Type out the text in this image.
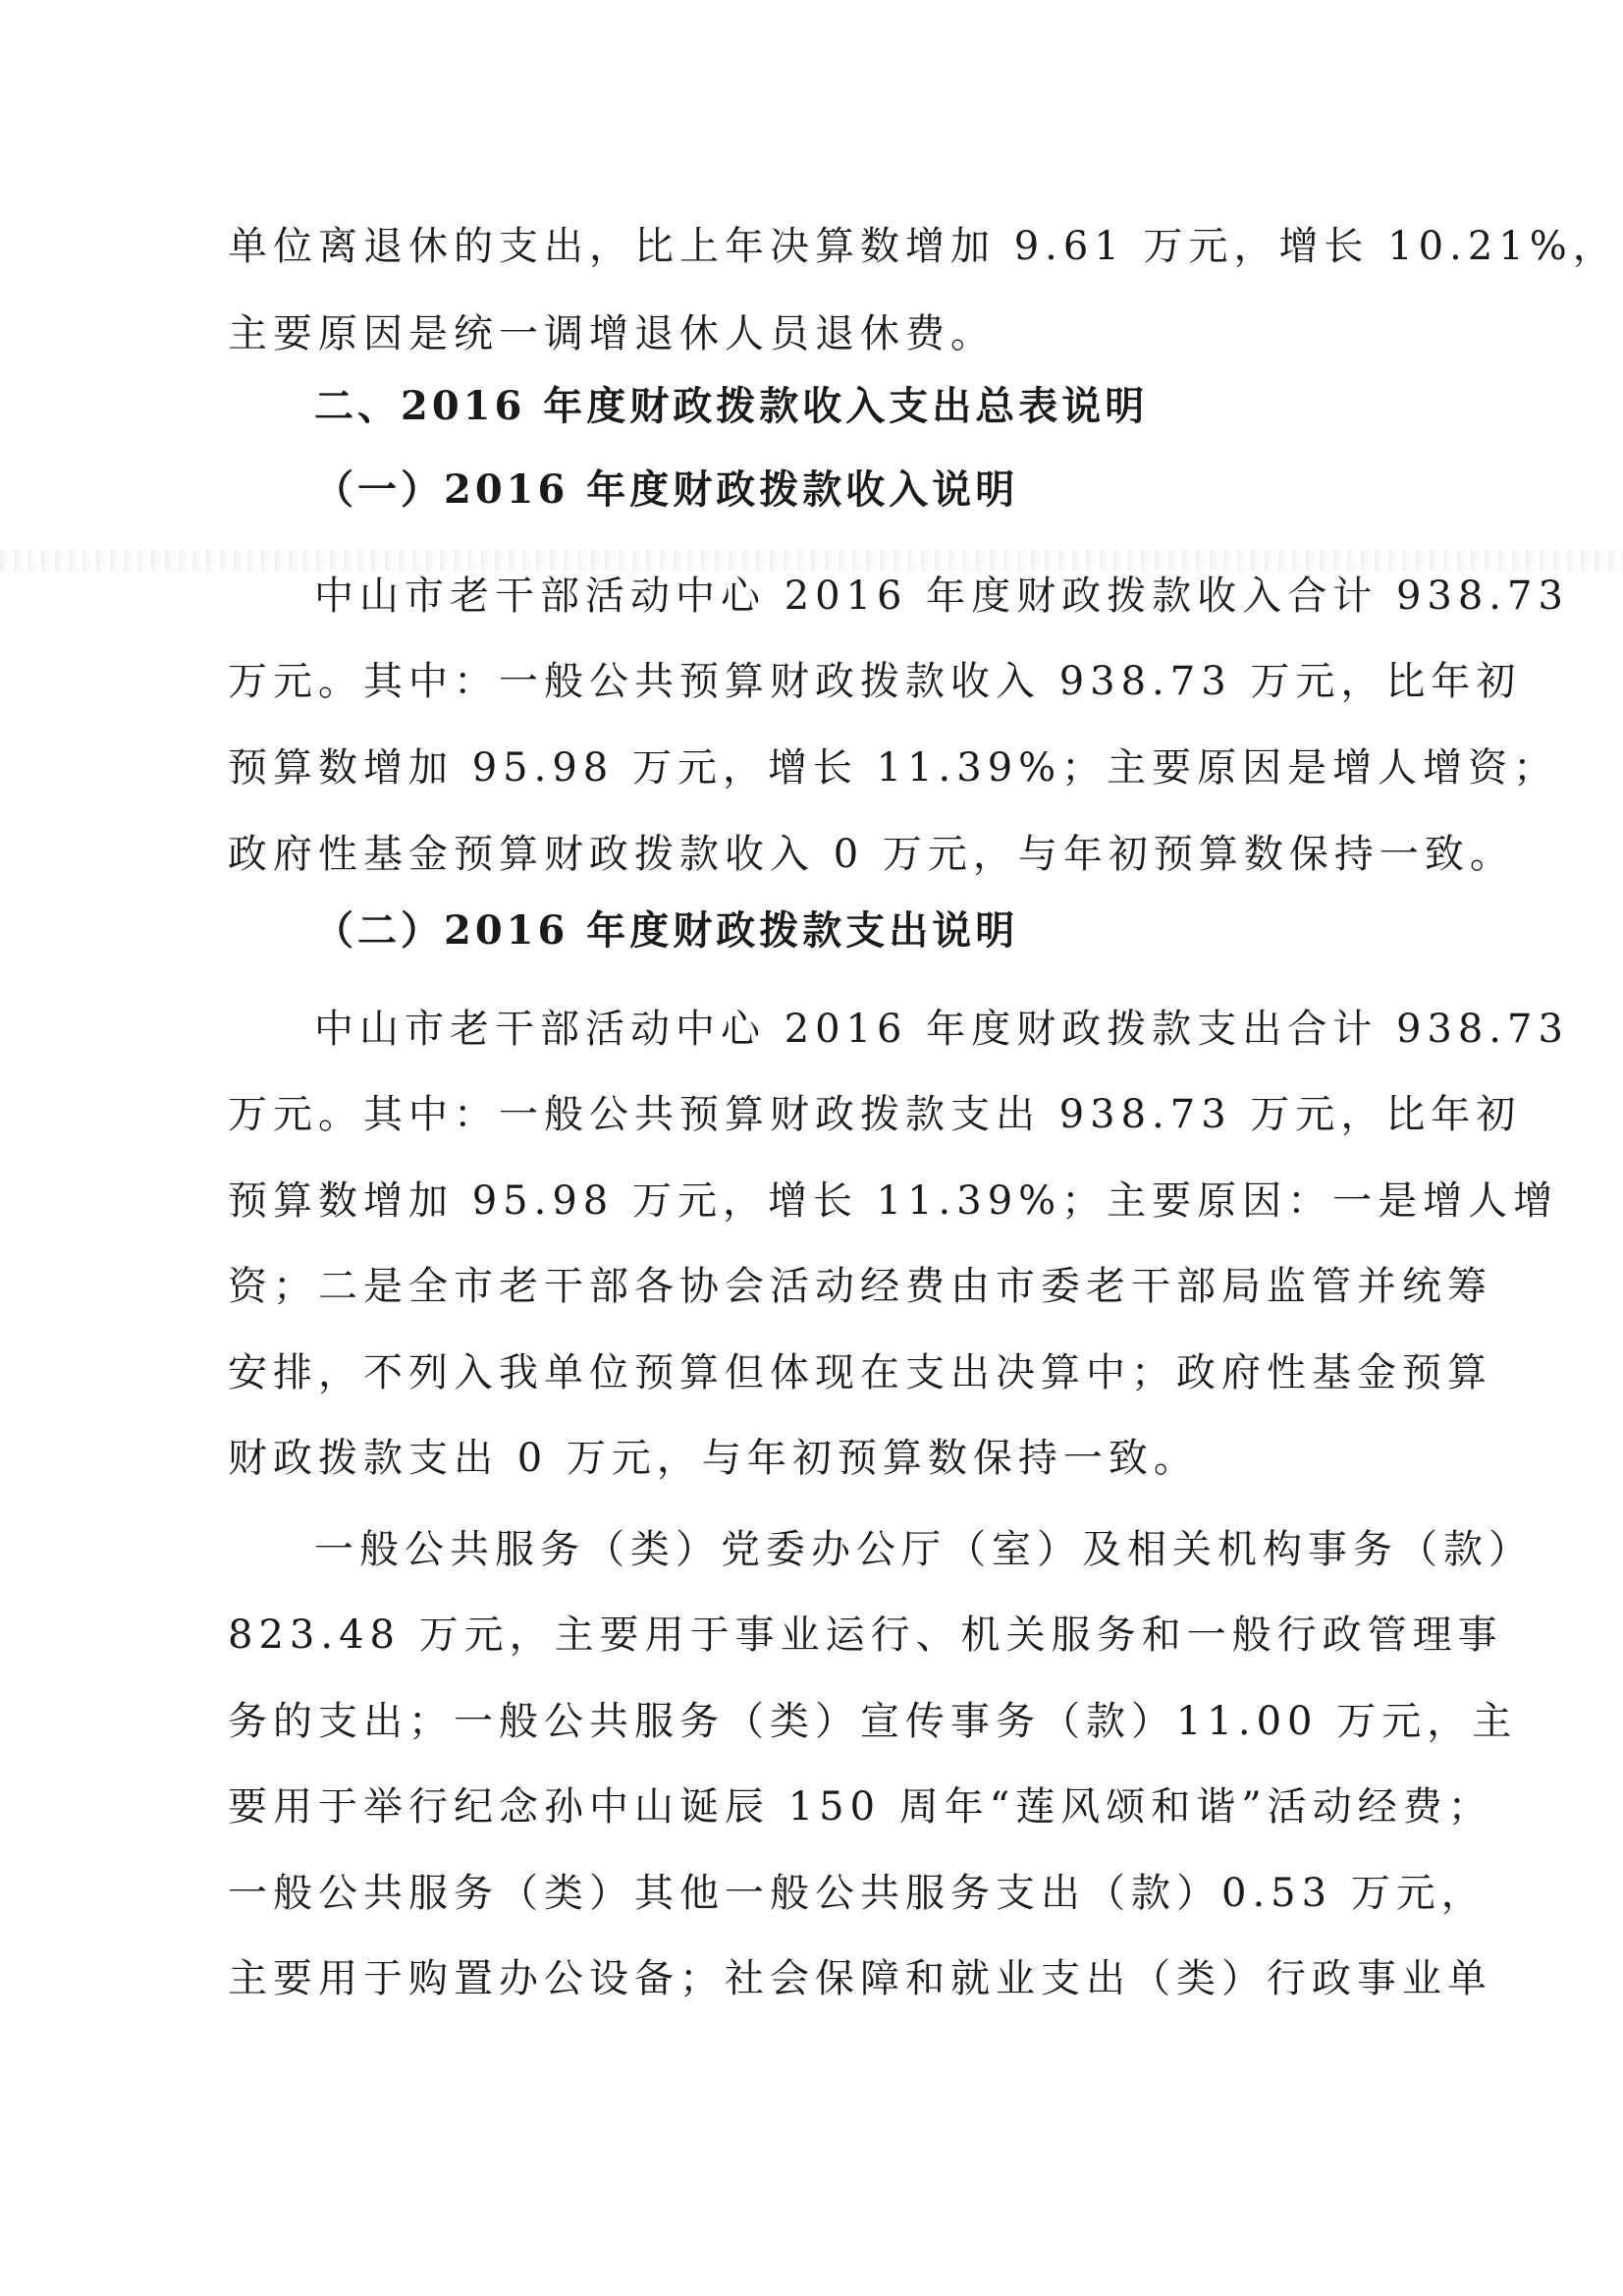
单位离退休的支出，比上年决算数增加 9.61 万元，增长 10.21%，
主要原因是统一调增退休人员退休费。
二、2016 年度财政拨款收入支出总表说明
（一）2016 年度财政拨款收入说明
中山市老干部活动中心 2016 年度财政拨款收入合计 938.73
万元。其中：一般公共预算财政拨款收入 938.73 万元，比年初
预算数增加 95.98 万元，增长 11.39%；主要原因是增人增资；
政府性基金预算财政拨款收入 0 万元，与年初预算数保持一致。
（二）2016 年度财政拨款支出说明
中山市老干部活动中心 2016 年度财政拨款支出合计 938.73
万元。其中：一般公共预算财政拨款支出 938.73 万元，比年初
预算数增加 95.98 万元，增长 11.39%；主要原因：一是增人增
资；二是全市老干部各协会活动经费由市委老干部局监管并统筹
安排，不列入我单位预算但体现在支出决算中；政府性基金预算
财政拨款支出 0 万元，与年初预算数保持一致。
一般公共服务（类）党委办公厅（室）及相关机构事务（款）
823.48 万元，主要用于事业运行、机关服务和一般行政管理事
务的支出；一般公共服务（类）宣传事务（款）11.00 万元，主
要用于举行纪念孙中山诞辰 150 周年“莲风颂和谐”活动经费；
一般公共服务（类）其他一般公共服务支出（款）0.53 万元，
主要用于购置办公设备；社会保障和就业支出（类）行政事业单
